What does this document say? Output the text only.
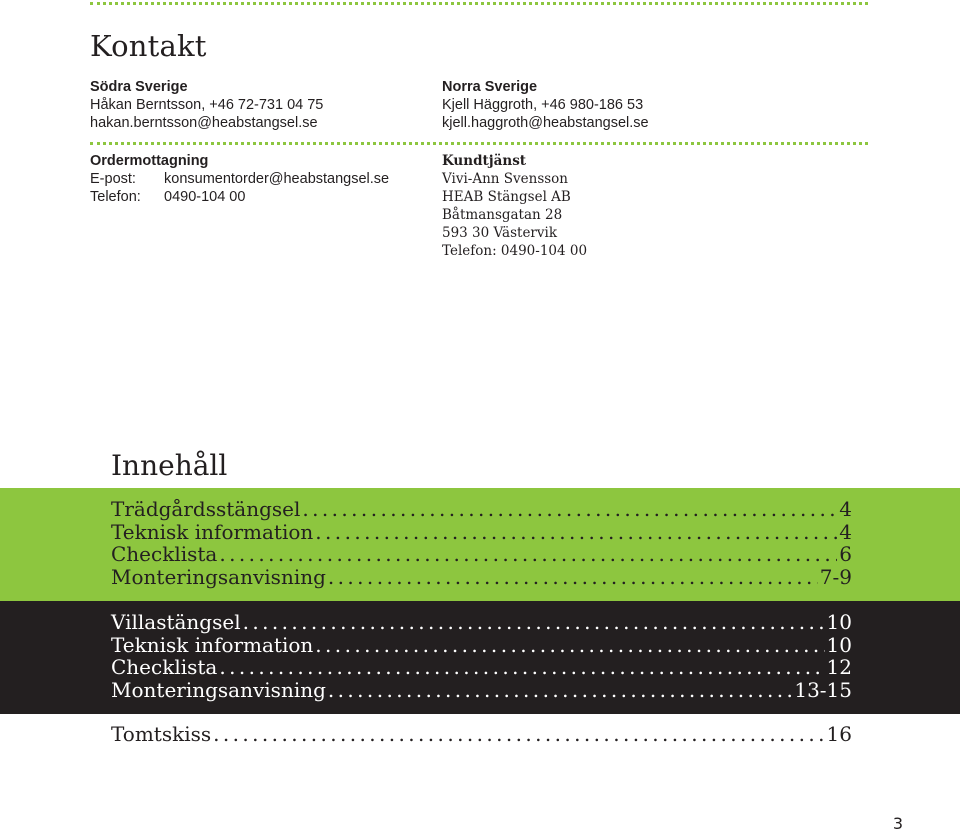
Kontakt
Södra Sverige
Håkan Berntsson, +46 72-731 04 75
hakan.berntsson@heabstangsel.se
Ordermottagning
E-post:	konsumentorder@heabstangsel.se
Telefon:	0490-104 00
Norra Sverige
Kjell Häggroth, +46 980-186 53
kjell.haggroth@heabstangsel.se
Kundtjänst
Vivi-Ann Svensson
HEAB Stängsel AB
Båtmansgatan 28
593 30 Västervik
Telefon: 0490-104 00
Innehåll
Trädgårdsstängsel .....	4
Teknisk information .....	4
Checklista .....	6
Monteringsanvisning .....	7-9
Villastängsel .....	10
Teknisk information .....	10
Checklista .....	12
Monteringsanvisning .....	13-15
Tomtskiss .....	16
3
